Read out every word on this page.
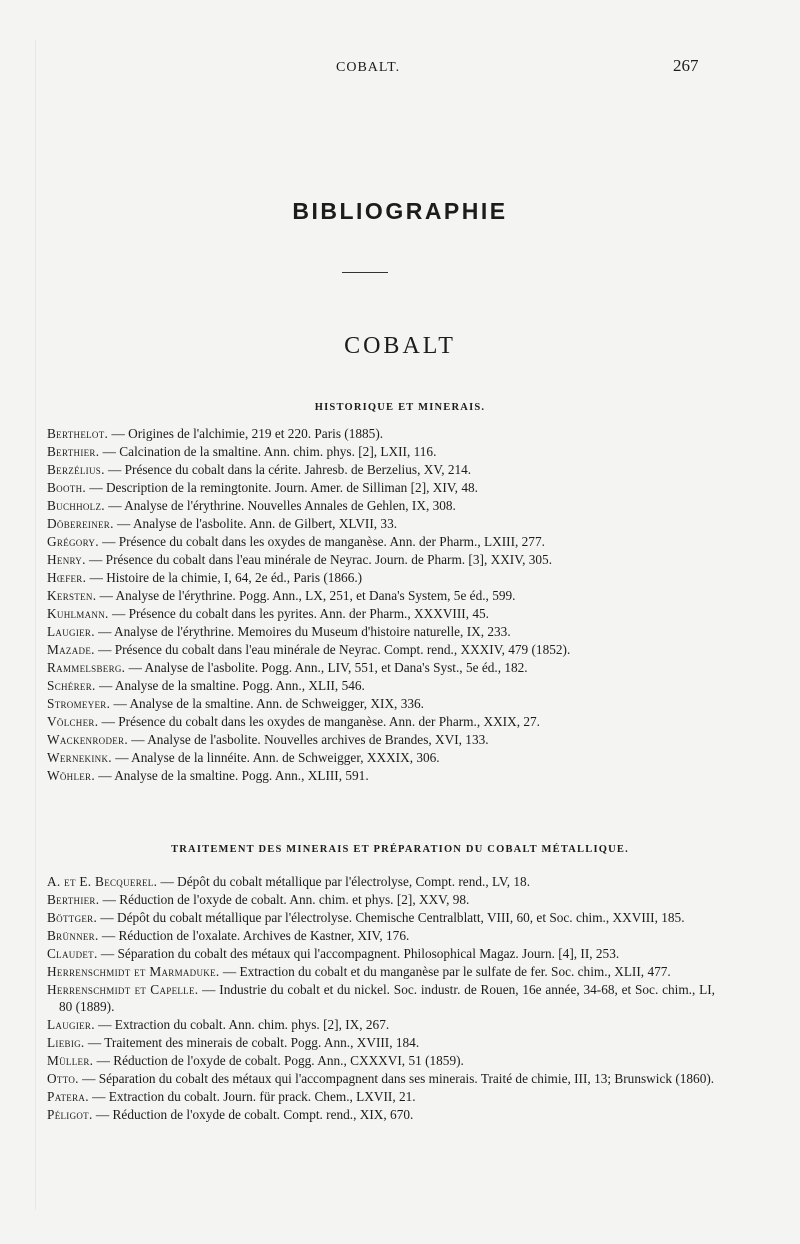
COBALT.	267
BIBLIOGRAPHIE
COBALT
HISTORIQUE ET MINERAIS.

Berthelot. — Origines de l'alchimie, 219 et 220. Paris (1885).

Berthier. — Calcination de la smaltine. Ann. chim. phys. [2], LXII, 116.

Berzélius. — Présence du cobalt dans la cérite. Jahresb. de Berzelius, XV, 214.

Booth. — Description de la remingtonite. Journ. Amer. de Silliman [2], XIV, 48.

Buchholz. — Analyse de l'érythrine. Nouvelles Annales de Gehlen, IX, 308.

Döbereiner. — Analyse de l'asbolite. Ann. de Gilbert, XLVII, 33.

Grégory. — Présence du cobalt dans les oxydes de manganèse. Ann. der Pharm., LXIII, 277.

Henry. — Présence du cobalt dans l'eau minérale de Neyrac. Journ. de Pharm. [3], XXIV, 305.

Hœfer. — Histoire de la chimie, I, 64, 2e éd., Paris (1866.)

Kersten. — Analyse de l'érythrine. Pogg. Ann., LX, 251, et Dana's System, 5e éd., 599.

Kuhlmann. — Présence du cobalt dans les pyrites. Ann. der Pharm., XXXVIII, 45.

Laugier. — Analyse de l'érythrine. Memoires du Museum d'histoire naturelle, IX, 233.

Mazade. — Présence du cobalt dans l'eau minérale de Neyrac. Compt. rend., XXXIV, 479 (1852).

Rammelsberg. — Analyse de l'asbolite. Pogg. Ann., LIV, 551, et Dana's Syst., 5e éd., 182.

Schérer. — Analyse de la smaltine. Pogg. Ann., XLII, 546.

Stromeyer. — Analyse de la smaltine. Ann. de Schweigger, XIX, 336.

Völcher. — Présence du cobalt dans les oxydes de manganèse. Ann. der Pharm., XXIX, 27.

Wackenroder. — Analyse de l'asbolite. Nouvelles archives de Brandes, XVI, 133.

Wernekink. — Analyse de la linnéite. Ann. de Schweigger, XXXIX, 306.

Wöhler. — Analyse de la smaltine. Pogg. Ann., XLIII, 591.

TRAITEMENT DES MINERAIS ET PRÉPARATION DU COBALT MÉTALLIQUE.

A. et E. Becquerel. — Dépôt du cobalt métallique par l'électrolyse, Compt. rend., LV, 18.

Berthier. — Réduction de l'oxyde de cobalt. Ann. chim. et phys. [2], XXV, 98.

Böttger. — Dépôt du cobalt métallique par l'électrolyse. Chemische Centralblatt, VIII, 60, et Soc. chim., XXVIII, 185.

Brünner. — Réduction de l'oxalate. Archives de Kastner, XIV, 176.

Claudet. — Séparation du cobalt des métaux qui l'accompagnent. Philosophical Magaz. Journ. [4], II, 253.

Herrenschmidt et Marmaduke. — Extraction du cobalt et du manganèse par le sulfate de fer. Soc. chim., XLII, 477.

Herrenschmidt et Capelle. — Industrie du cobalt et du nickel. Soc. industr. de Rouen, 16e année, 34-68, et Soc. chim., LI, 80 (1889).

Laugier. — Extraction du cobalt. Ann. chim. phys. [2], IX, 267.

Liebig. — Traitement des minerais de cobalt. Pogg. Ann., XVIII, 184.

Müller. — Réduction de l'oxyde de cobalt. Pogg. Ann., CXXXVI, 51 (1859).

Otto. — Séparation du cobalt des métaux qui l'accompagnent dans ses minerais. Traité de chimie, III, 13; Brunswick (1860).

Patera. — Extraction du cobalt. Journ. für prack. Chem., LXVII, 21.

Péligot. — Réduction de l'oxyde de cobalt. Compt. rend., XIX, 670.
